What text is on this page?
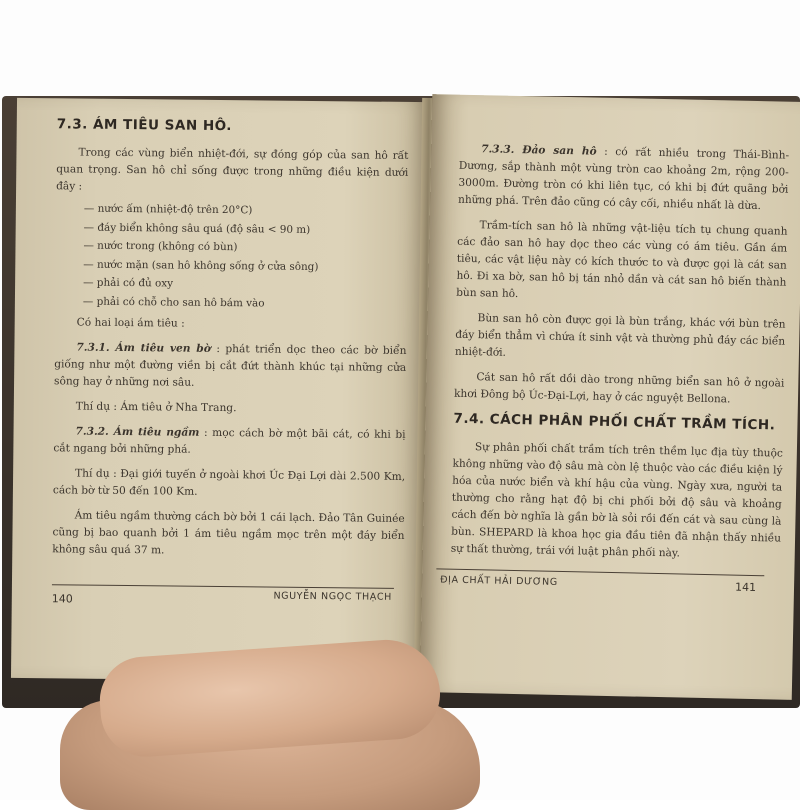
7.3. ÁM TIÊU SAN HÔ.

Trong các vùng biển nhiệt-đới, sự đóng góp của san hô rất quan trọng. San hô chỉ sống được trong những điều kiện dưới đây :

— nước ấm (nhiệt-độ trên 20°C)
— đáy biển không sâu quá (độ sâu < 90 m)
— nước trong (không có bùn)
— nước mặn (san hô không sống ở cửa sông)
— phải có đủ oxy
— phải có chỗ cho san hô bám vào

Có hai loại ám tiêu :

7.3.1. Ám tiêu ven bờ : phát triển dọc theo các bờ biển giống như một đường viền bị cắt đứt thành khúc tại những cửa sông hay ở những nơi sâu.

Thí dụ : Ám tiêu ở Nha Trang.

7.3.2. Ám tiêu ngầm : mọc cách bờ một bãi cát, có khi bị cắt ngang bởi những phá.

Thí dụ : Đại giới tuyến ở ngoài khơi Úc Đại Lợi dài 2.500 Km, cách bờ từ 50 đến 100 Km.

Ám tiêu ngầm thường cách bờ bởi 1 cái lạch. Đảo Tân Guinée cũng bị bao quanh bởi 1 ám tiêu ngầm mọc trên một đáy biển không sâu quá 37 m.

140	NGUYỄN NGỌC THẠCH

7.3.3. Đảo san hô : có rất nhiều trong Thái-Bình-Dương, sắp thành một vùng tròn cao khoảng 2m, rộng 200-3000m. Đường tròn có khi liên tục, có khi bị đứt quãng bởi những phá. Trên đảo cũng có cây cối, nhiều nhất là dừa.

Trầm-tích san hô là những vật-liệu tích tụ chung quanh các đảo san hô hay dọc theo các vùng có ám tiêu. Gần ám tiêu, các vật liệu này có kích thước to và được gọi là cát san hô. Đi xa bờ, san hô bị tán nhỏ dần và cát san hô biến thành bùn san hô.

Bùn san hô còn được gọi là bùn trắng, khác với bùn trên đáy biển thẳm vì chứa ít sinh vật và thường phủ đáy các biển nhiệt-đới.

Cát san hô rất dồi dào trong những biển san hô ở ngoài khơi Đông bộ Úc-Đại-Lợi, hay ở các nguyệt Bellona.

7.4. CÁCH PHÂN PHỐI CHẤT TRẦM TÍCH.

Sự phân phối chất trầm tích trên thềm lục địa tùy thuộc không những vào độ sâu mà còn lệ thuộc vào các điều kiện lý hóa của nước biển và khí hậu của vùng. Ngày xưa, người ta thường cho rằng hạt độ bị chi phối bởi độ sâu và khoảng cách đến bờ nghĩa là gần bờ là sỏi rồi đến cát và sau cùng là bùn. SHEPARD là khoa học gia đầu tiên đã nhận thấy nhiều sự thất thường, trái với luật phân phối này.

ĐỊA CHẤT HẢI DƯƠNG	141
